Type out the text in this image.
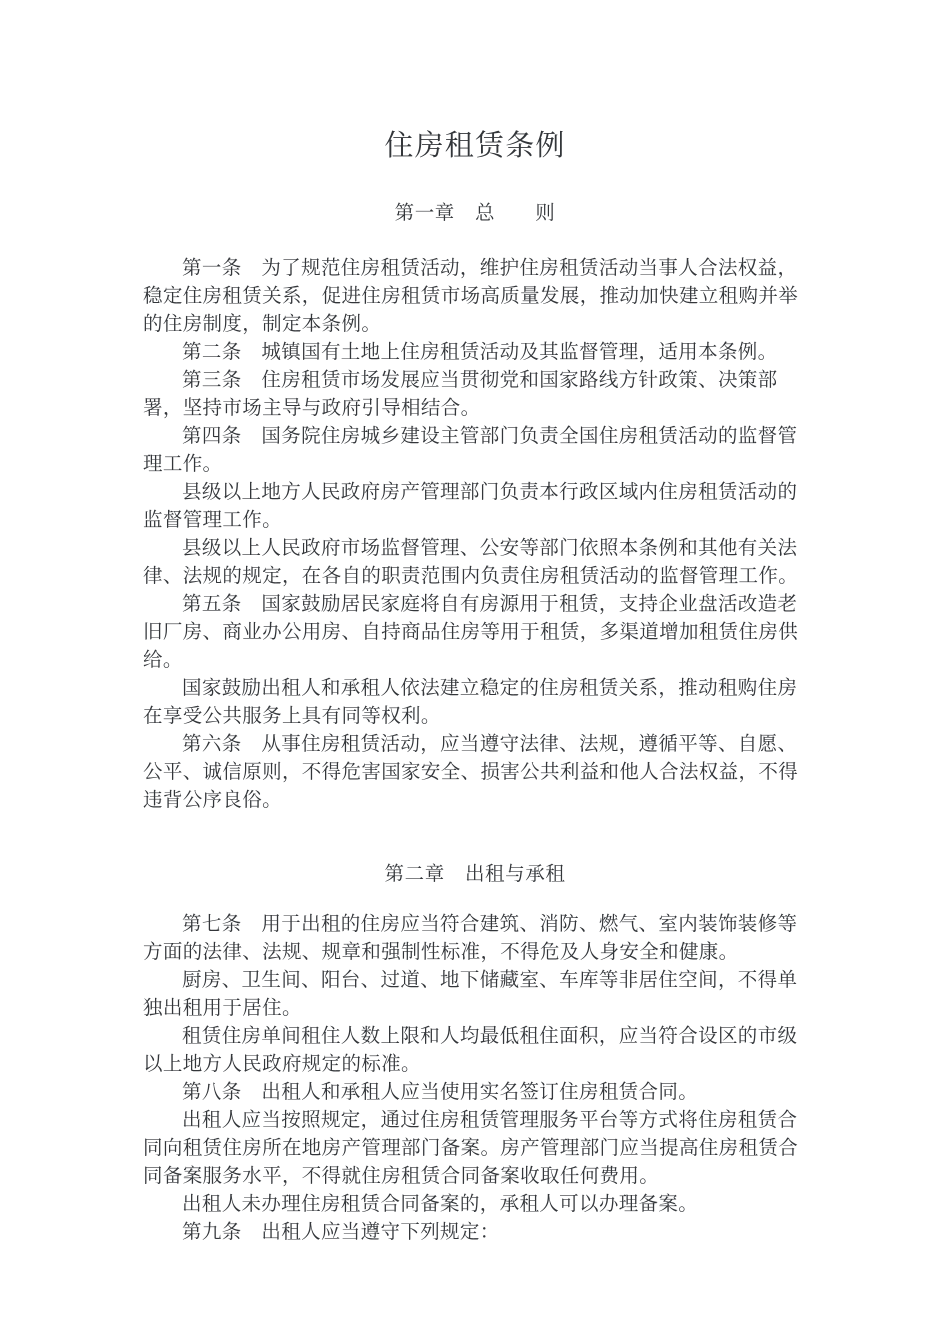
住房租赁条例
第一章　总　　则

第一条　为了规范住房租赁活动，维护住房租赁活动当事人合法权益，稳定住房租赁关系，促进住房租赁市场高质量发展，推动加快建立租购并举的住房制度，制定本条例。

第二条　城镇国有土地上住房租赁活动及其监督管理，适用本条例。

第三条　住房租赁市场发展应当贯彻党和国家路线方针政策、决策部署，坚持市场主导与政府引导相结合。

第四条　国务院住房城乡建设主管部门负责全国住房租赁活动的监督管理工作。

县级以上地方人民政府房产管理部门负责本行政区域内住房租赁活动的监督管理工作。

县级以上人民政府市场监督管理、公安等部门依照本条例和其他有关法律、法规的规定，在各自的职责范围内负责住房租赁活动的监督管理工作。

第五条　国家鼓励居民家庭将自有房源用于租赁，支持企业盘活改造老旧厂房、商业办公用房、自持商品住房等用于租赁，多渠道增加租赁住房供给。

国家鼓励出租人和承租人依法建立稳定的住房租赁关系，推动租购住房在享受公共服务上具有同等权利。

第六条　从事住房租赁活动，应当遵守法律、法规，遵循平等、自愿、公平、诚信原则，不得危害国家安全、损害公共利益和他人合法权益，不得违背公序良俗。

第二章　出租与承租

第七条　用于出租的住房应当符合建筑、消防、燃气、室内装饰装修等方面的法律、法规、规章和强制性标准，不得危及人身安全和健康。

厨房、卫生间、阳台、过道、地下储藏室、车库等非居住空间，不得单独出租用于居住。

租赁住房单间租住人数上限和人均最低租住面积，应当符合设区的市级以上地方人民政府规定的标准。

第八条　出租人和承租人应当使用实名签订住房租赁合同。

出租人应当按照规定，通过住房租赁管理服务平台等方式将住房租赁合同向租赁住房所在地房产管理部门备案。房产管理部门应当提高住房租赁合同备案服务水平，不得就住房租赁合同备案收取任何费用。

出租人未办理住房租赁合同备案的，承租人可以办理备案。

第九条　出租人应当遵守下列规定：
